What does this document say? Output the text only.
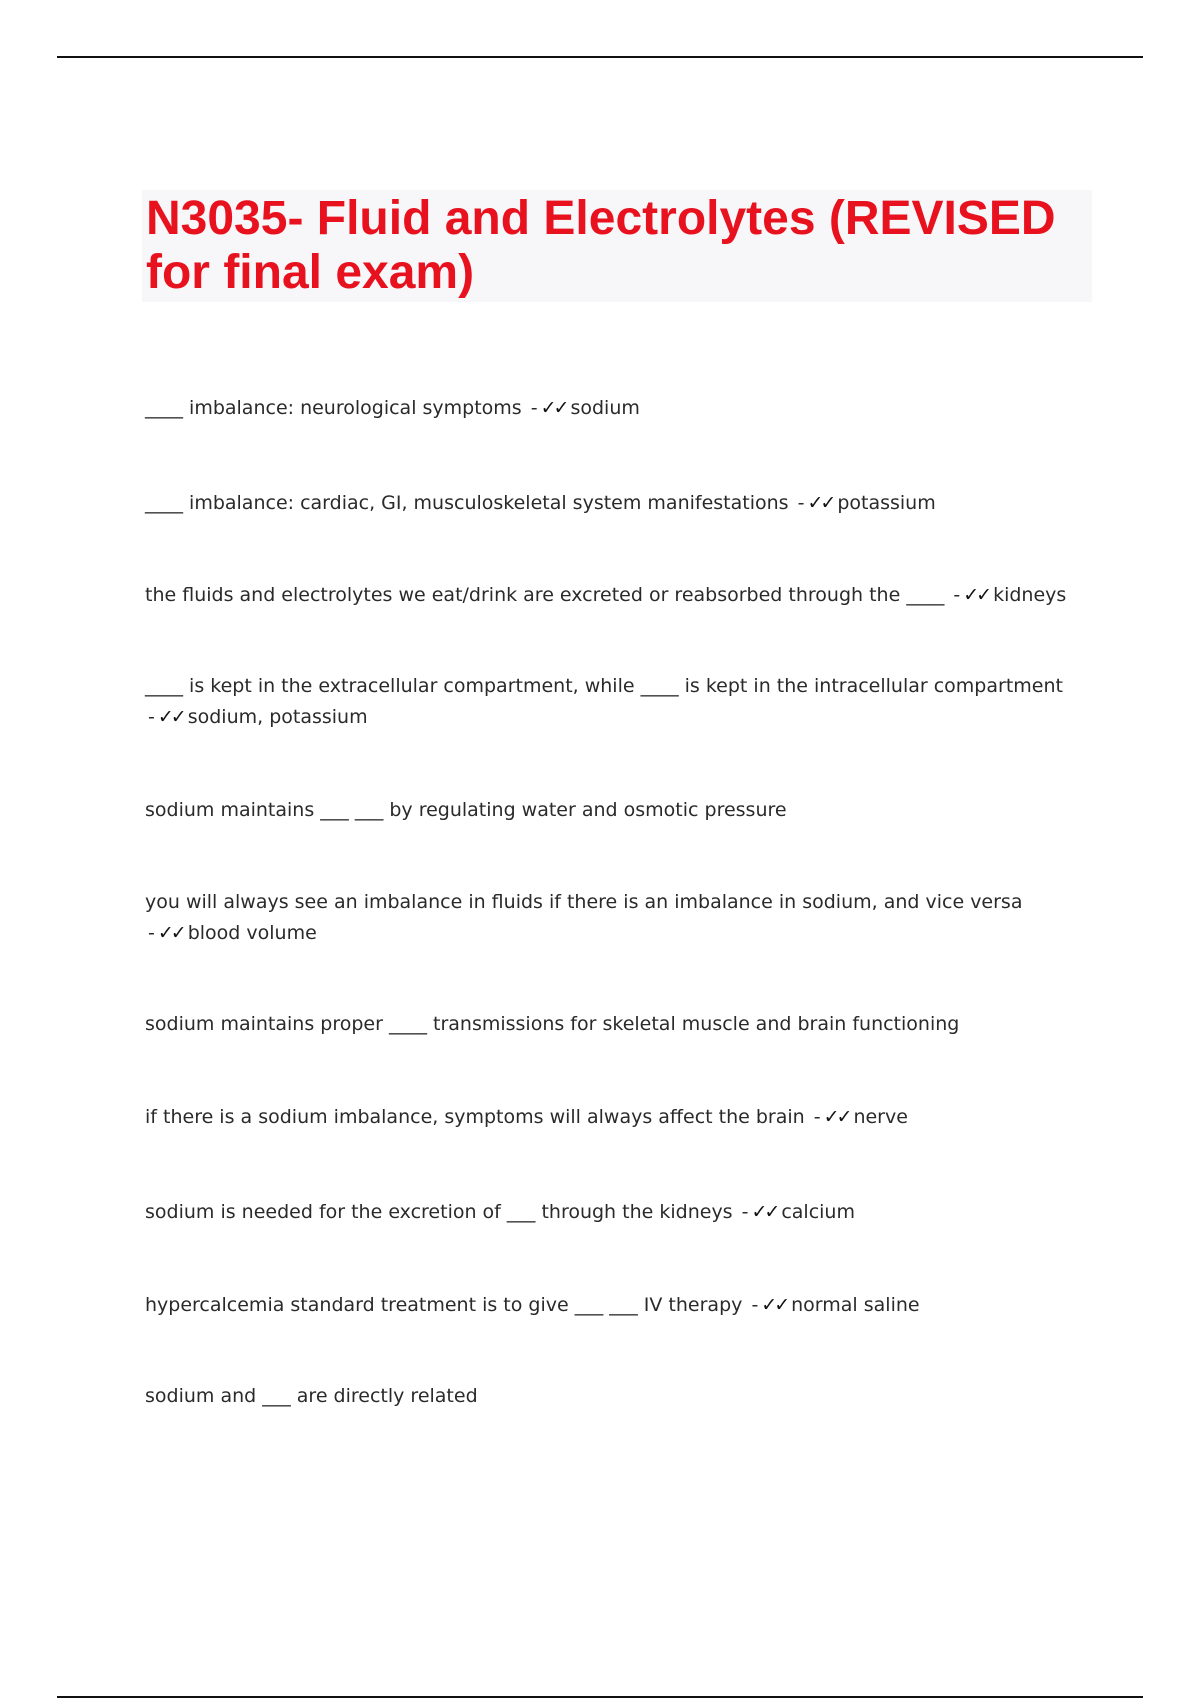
N3035- Fluid and Electrolytes (REVISED for final exam)

____ imbalance: neurological symptoms - ✓✓ sodium

____ imbalance: cardiac, GI, musculoskeletal system manifestations - ✓✓ potassium

the fluids and electrolytes we eat/drink are excreted or reabsorbed through the ____ - ✓✓ kidneys

____ is kept in the extracellular compartment, while ____ is kept in the intracellular compartment - ✓✓ sodium, potassium

sodium maintains ___ ___ by regulating water and osmotic pressure

you will always see an imbalance in fluids if there is an imbalance in sodium, and vice versa - ✓✓ blood volume

sodium maintains proper ____ transmissions for skeletal muscle and brain functioning

if there is a sodium imbalance, symptoms will always affect the brain - ✓✓ nerve

sodium is needed for the excretion of ___ through the kidneys - ✓✓ calcium

hypercalcemia standard treatment is to give ___ ___ IV therapy - ✓✓ normal saline

sodium and ___ are directly related
